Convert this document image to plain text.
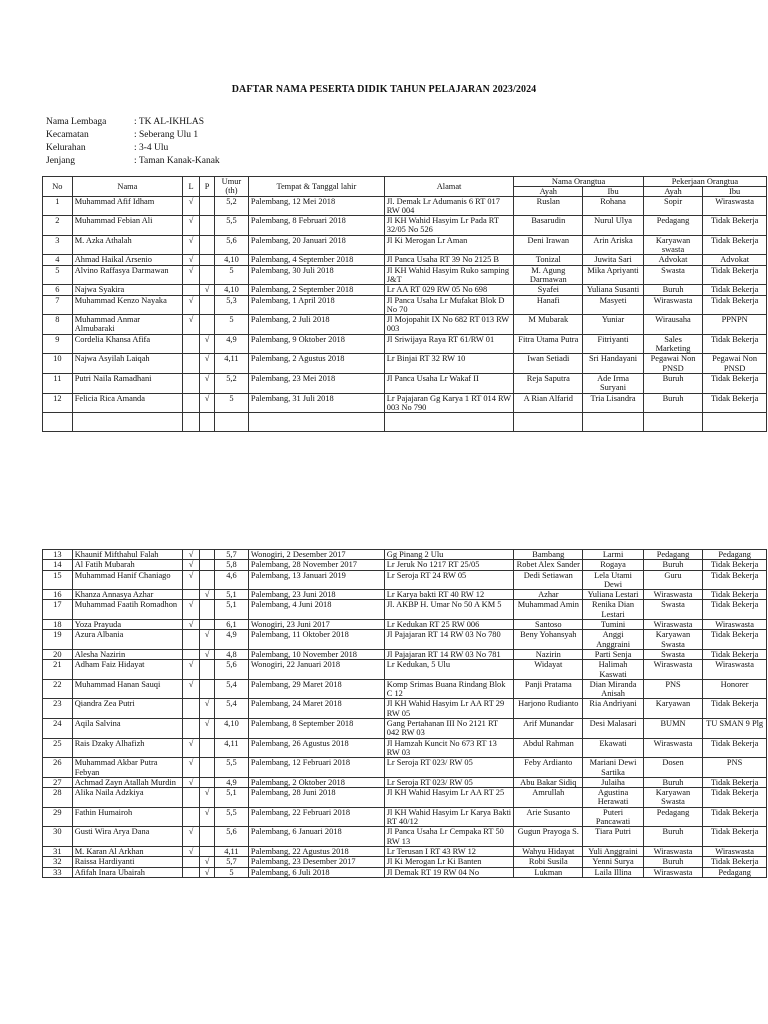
DAFTAR NAMA PESERTA DIDIK TAHUN PELAJARAN 2023/2024
Nama Lembaga	: TK AL-IKHLAS
Kecamatan	: Seberang Ulu 1
Kelurahan	: 3-4 Ulu
Jenjang	: Taman Kanak-Kanak
No	Nama	L	P	Umur (th)	Tempat & Tanggal lahir	Alamat	Nama Orangtua		Pekerjaan Orangtua	
							Ayah	Ibu	Ayah	Ibu
1	Muhammad Afif Idham	√		5,2	Palembang, 12 Mei 2018	Jl. Demak Lr Adumanis 6 RT 017 RW 004	Ruslan	Rohana	Sopir	Wiraswasta
2	Muhammad Febian Ali	√		5,5	Palembang, 8 Februari 2018	Jl KH Wahid Hasyim Lr Pada RT 32/05 No 526	Basarudin	Nurul Ulya	Pedagang	Tidak Bekerja
3	M. Azka Athalah	√		5,6	Palembang, 20 Januari 2018	Jl Ki Merogan Lr Aman	Deni Irawan	Arin Ariska	Karyawan swasta	Tidak Bekerja
4	Ahmad Haikal Arsenio	√		4,10	Palembang, 4 September 2018	Jl Panca Usaha RT 39 No 2125 B	Tonizal	Juwita Sari	Advokat	Advokat
5	Alvino Raffasya Darmawan	√		5	Palembang, 30 Juli 2018	Jl KH Wahid Hasyim Ruko samping J&T	M. Agung Darmawan	Mika Apriyanti	Swasta	Tidak Bekerja
6	Najwa Syakira		√	4,10	Palembang, 2 September 2018	Lr AA RT 029 RW 05 No 698	Syafei	Yuliana Susanti	Buruh	Tidak Bekerja
7	Muhammad Kenzo Nayaka	√		5,3	Palembang, 1 April 2018	Jl Panca Usaha Lr Mufakat Blok D No 70	Hanafi	Masyeti	Wiraswasta	Tidak Bekerja
8	Muhammad Anmar Almubaraki	√		5	Palembang, 2 Juli 2018	Jl Mojopahit IX No 682 RT 013 RW 003	M Mubarak	Yuniar	Wirausaha	PPNPN
9	Cordelia Khansa Afifa		√	4,9	Palembang, 9 Oktober 2018	Jl Sriwijaya Raya RT 61/RW 01	Fitra Utama Putra	Fitriyanti	Sales Marketing	Tidak Bekerja
10	Najwa Asyilah Laiqah		√	4,11	Palembang, 2 Agustus 2018	Lr Binjai RT 32 RW 10	Iwan Setiadi	Sri Handayani	Pegawai Non PNSD	Pegawai Non PNSD
11	Putri Naila Ramadhani		√	5,2	Palembang, 23 Mei 2018	Jl Panca Usaha Lr Wakaf II	Reja Saputra	Ade Irma Suryani	Buruh	Tidak Bekerja
12	Felicia Rica Amanda		√	5	Palembang, 31 Juli 2018	Lr Pajajaran Gg Karya 1 RT 014 RW 003 No 790	A Rian Alfarid	Tria Lisandra	Buruh	Tidak Bekerja

13	Khaunif Mifthahul Falah	√		5,7	Wonogiri, 2 Desember 2017	Gg Pinang 2 Ulu	Bambang	Larmi	Pedagang	Pedagang
14	Al Fatih Mubarah	√		5,8	Palembang, 28 November 2017	Lr Jeruk No 1217 RT 25/05	Robet Alex Sander	Rogaya	Buruh	Tidak Bekerja
15	Muhammad Hanif Chaniago	√		4,6	Palembang, 13 Januari 2019	Lr Seroja RT 24 RW 05	Dedi Setiawan	Lela Utami Dewi	Guru	Tidak Bekerja
16	Khanza Annasya Azhar		√	5,1	Palembang, 23 Juni 2018	Lr Karya bakti RT 40 RW 12	Azhar	Yuliana Lestari	Wiraswasta	Tidak Bekerja
17	Muhammad Faatih Romadhon	√		5,1	Palembang, 4 Juni 2018	Jl. AKBP H. Umar No 50 A KM 5	Muhammad Amin	Renika Dian Lestari	Swasta	Tidak Bekerja
18	Yoza Prayuda	√		6,1	Wonogiri, 23 Juni 2017	Lr Kedukan RT 25 RW 006	Santoso	Tumini	Wiraswasta	Wiraswasta
19	Azura Albania		√	4,9	Palembang, 11 Oktober 2018	Jl Pajajaran RT 14 RW 03 No 780	Beny Yohansyah	Anggi Anggraini	Karyawan Swasta	Tidak Bekerja
20	Alesha Nazirin		√	4,8	Palembang, 10 November 2018	Jl Pajajaran RT 14 RW 03 No 781	Nazirin	Parti Senja	Swasta	Tidak Bekerja
21	Adham Faiz Hidayat	√		5,6	Wonogiri, 22 Januari 2018	Lr Kedukan, 5 Ulu	Widayat	Halimah Kaswati	Wiraswasta	Wiraswasta
22	Muhammad Hanan Sauqi	√		5,4	Palembang, 29 Maret 2018	Komp Srimas Buana Rindang Blok C 12	Panji Pratama	Dian Miranda Anisah	PNS	Honorer
23	Qiandra Zea Putri		√	5,4	Palembang, 24 Maret 2018	Jl KH Wahid Hasyim Lr AA RT 29 RW 05	Harjono Rudianto	Ria Andriyani	Karyawan	Tidak Bekerja
24	Aqila Salvina		√	4,10	Palembang, 8 September 2018	Gang Pertahanan III No 2121 RT 042 RW 03	Arif Munandar	Desi Malasari	BUMN	TU SMAN 9 Plg
25	Rais Dzaky Alhafizh	√		4,11	Palembang, 26 Agustus 2018	Jl Hamzah Kuncit No 673 RT 13 RW 03	Abdul Rahman	Ekawati	Wiraswasta	Tidak Bekerja
26	Muhammad Akbar Putra Febyan	√		5,5	Palembang, 12 Februari 2018	Lr Seroja RT 023/ RW 05	Feby Ardianto	Mariani Dewi Sartika	Dosen	PNS
27	Achmad Zayn Atallah Murdin	√		4,9	Palembang, 2 Oktober 2018	Lr Seroja RT 023/ RW 05	Abu Bakar Sidiq	Julaiha	Buruh	Tidak Bekerja
28	Alika Naila Adzkiya		√	5,1	Palembang, 28 Juni 2018	Jl KH Wahid Hasyim Lr AA RT 25	Amrullah	Agustina Herawati	Karyawan Swasta	Tidak Bekerja
29	Fathin Humairoh		√	5,5	Palembang, 22 Februari 2018	Jl KH Wahid Hasyim Lr Karya Bakti RT 40/12	Arie Susanto	Puteri Pancawati	Pedagang	Tidak Bekerja
30	Gusti Wira Arya Dana	√		5,6	Palembang, 6 Januari 2018	Jl Panca Usaha Lr Cempaka RT 50 RW 13	Gugun Prayoga S.	Tiara Putri	Buruh	Tidak Bekerja
31	M. Karan Al Arkhan	√		4,11	Palembang, 22 Agustus 2018	Lr Terusan I RT 43 RW 12	Wahyu Hidayat	Yuli Anggraini	Wiraswasta	Wiraswasta
32	Raissa Hardiyanti		√	5,7	Palembang, 23 Desember 2017	Jl Ki Merogan Lr Ki Banten	Robi Susila	Yenni Surya	Buruh	Tidak Bekerja
33	Afifah Inara Ubairah		√	5	Palembang, 6 Juli 2018	Jl Demak RT 19 RW 04 No	Lukman	Laila Illina	Wiraswasta	Pedagang
